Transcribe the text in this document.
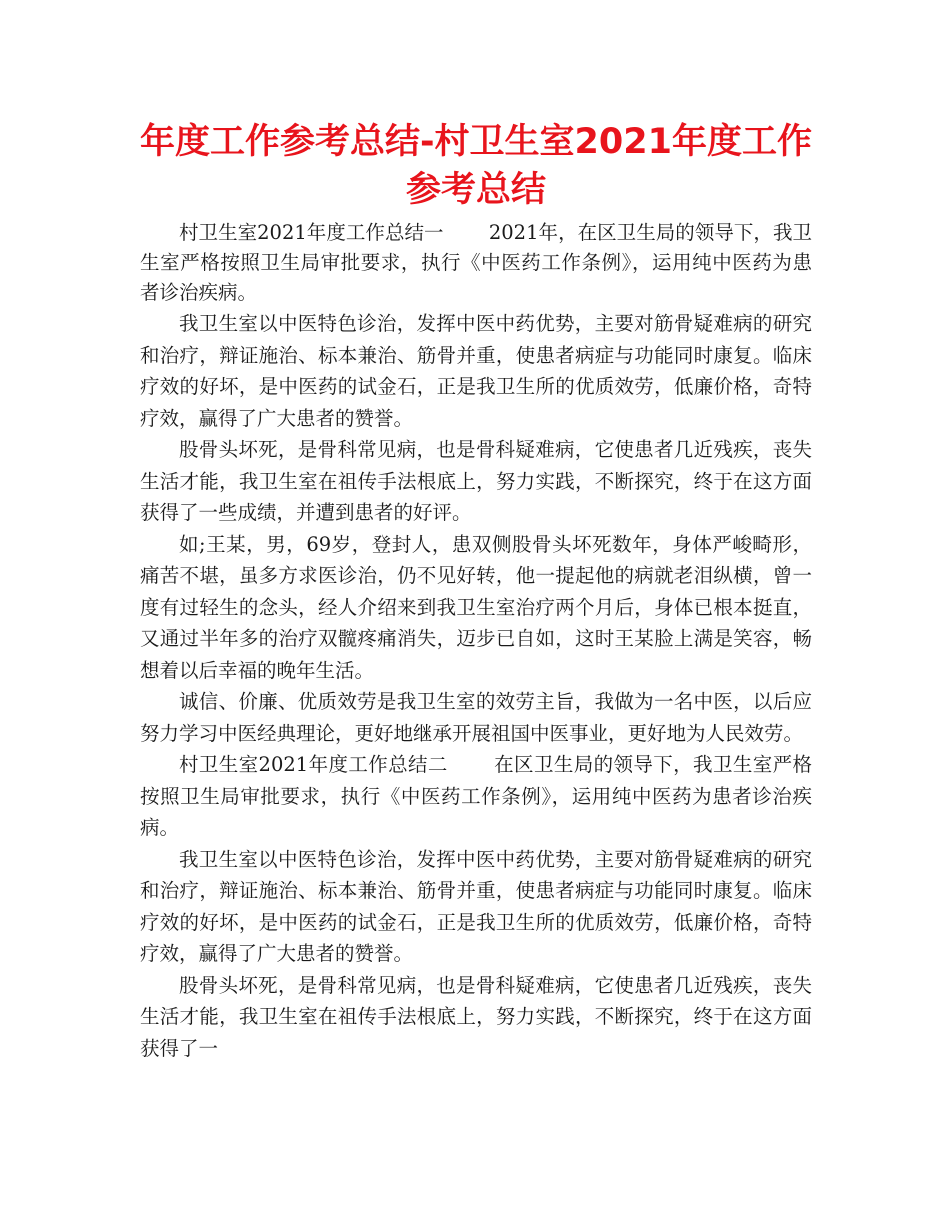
年度工作参考总结-村卫生室2021年度工作参考总结

村卫生室2021年度工作总结一　　 2021年，在区卫生局的领导下，我卫生室严格按照卫生局审批要求，执行《中医药工作条例》，运用纯中医药为患者诊治疾病。

我卫生室以中医特色诊治，发挥中医中药优势，主要对筋骨疑难病的研究和治疗，辩证施治、标本兼治、筋骨并重，使患者病症与功能同时康复。临床疗效的好坏，是中医药的试金石，正是我卫生所的优质效劳，低廉价格，奇特疗效，赢得了广大患者的赞誉。

股骨头坏死，是骨科常见病，也是骨科疑难病，它使患者几近残疾，丧失生活才能，我卫生室在祖传手法根底上，努力实践，不断探究，终于在这方面获得了一些成绩，并遭到患者的好评。

如;王某，男，69岁，登封人，患双侧股骨头坏死数年，身体严峻畸形，痛苦不堪，虽多方求医诊治，仍不见好转，他一提起他的病就老泪纵横，曾一度有过轻生的念头，经人介绍来到我卫生室治疗两个月后，身体已根本挺直，又通过半年多的治疗双髋疼痛消失，迈步已自如，这时王某脸上满是笑容，畅想着以后幸福的晚年生活。

诚信、价廉、优质效劳是我卫生室的效劳主旨，我做为一名中医，以后应努力学习中医经典理论，更好地继承开展祖国中医事业，更好地为人民效劳。

村卫生室2021年度工作总结二　　 在区卫生局的领导下，我卫生室严格按照卫生局审批要求，执行《中医药工作条例》，运用纯中医药为患者诊治疾病。

我卫生室以中医特色诊治，发挥中医中药优势，主要对筋骨疑难病的研究和治疗，辩证施治、标本兼治、筋骨并重，使患者病症与功能同时康复。临床疗效的好坏，是中医药的试金石，正是我卫生所的优质效劳，低廉价格，奇特疗效，赢得了广大患者的赞誉。

股骨头坏死，是骨科常见病，也是骨科疑难病，它使患者几近残疾，丧失生活才能，我卫生室在祖传手法根底上，努力实践，不断探究，终于在这方面获得了一
